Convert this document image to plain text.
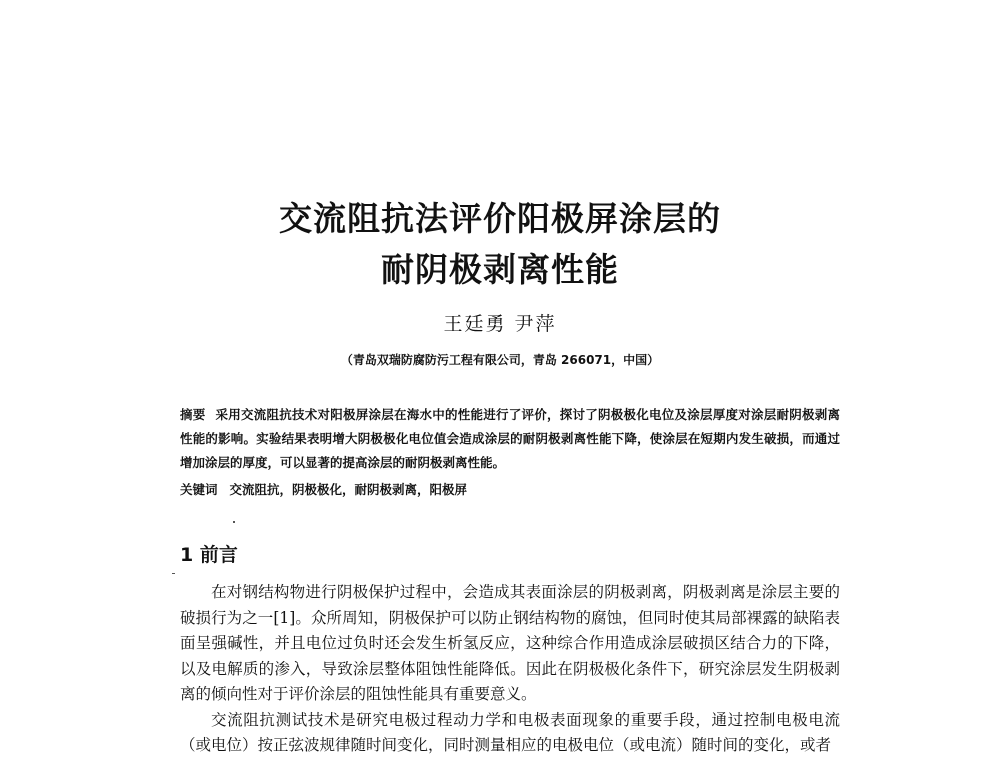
交流阻抗法评价阳极屏涂层的
耐阴极剥离性能
王廷勇 尹萍
（青岛双瑞防腐防污工程有限公司，青岛 266071，中国）
摘要 采用交流阻抗技术对阳极屏涂层在海水中的性能进行了评价，探讨了阴极极化电位及涂层厚度对涂层耐阴极剥离性能的影响。实验结果表明增大阴极极化电位值会造成涂层的耐阴极剥离性能下降，使涂层在短期内发生破损，而通过增加涂层的厚度，可以显著的提高涂层的耐阴极剥离性能。
关键词 交流阻抗，阴极极化，耐阴极剥离，阳极屏
1 前言

在对钢结构物进行阴极保护过程中，会造成其表面涂层的阴极剥离，阴极剥离是涂层主要的破损行为之一[1]。众所周知，阴极保护可以防止钢结构物的腐蚀，但同时使其局部裸露的缺陷表面呈强碱性，并且电位过负时还会发生析氢反应，这种综合作用造成涂层破损区结合力的下降，以及电解质的渗入，导致涂层整体阻蚀性能降低。因此在阴极极化条件下，研究涂层发生阴极剥离的倾向性对于评价涂层的阻蚀性能具有重要意义。

交流阻抗测试技术是研究电极过程动力学和电极表面现象的重要手段，通过控制电极电流（或电位）按正弦波规律随时间变化，同时测量相应的电极电位（或电流）随时间的变化，或者
